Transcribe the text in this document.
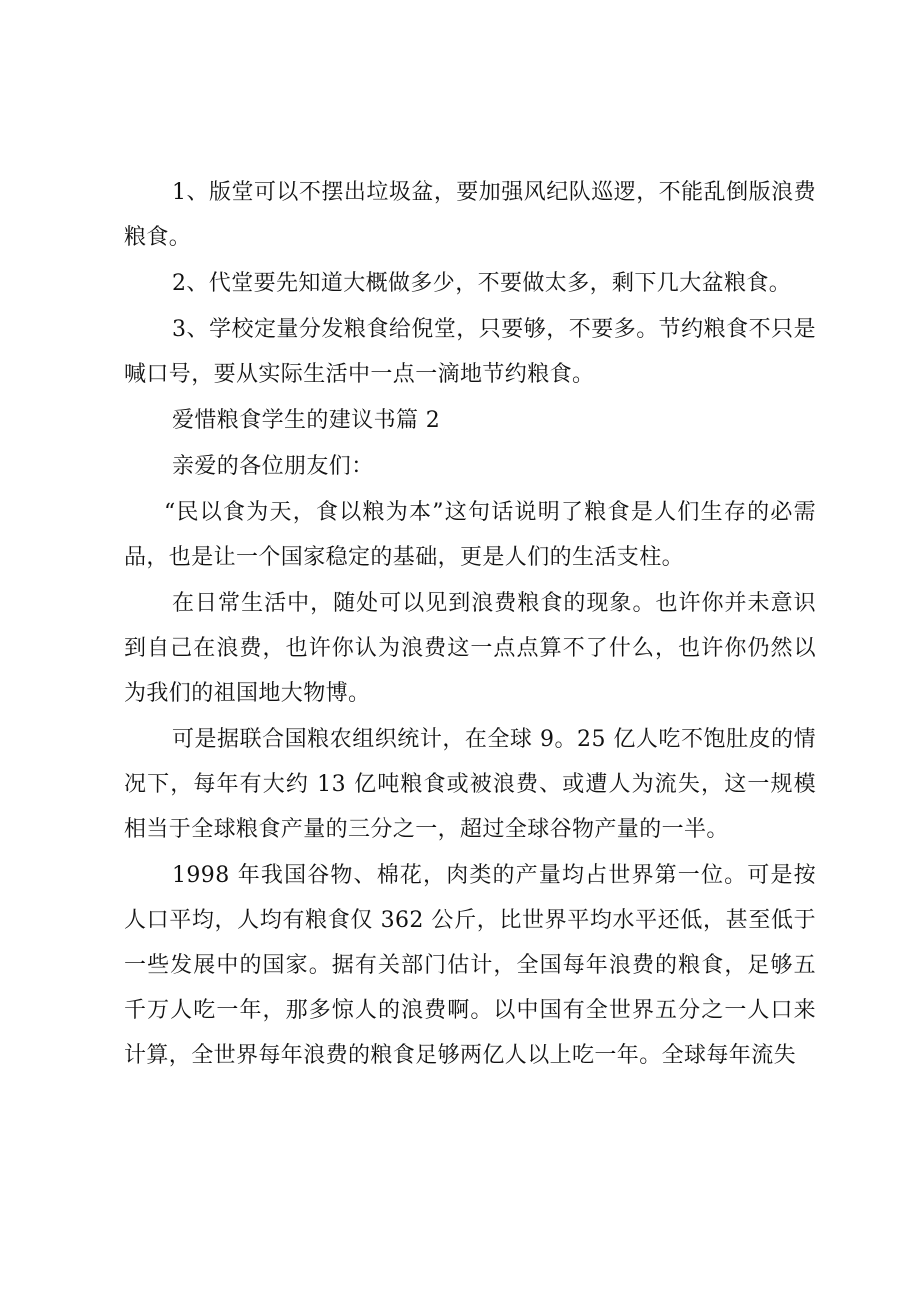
1、版堂可以不摆出垃圾盆，要加强风纪队巡逻，不能乱倒版浪费粮食。

2、代堂要先知道大概做多少，不要做太多，剩下几大盆粮食。

3、学校定量分发粮食给倪堂，只要够，不要多。节约粮食不只是喊口号，要从实际生活中一点一滴地节约粮食。

爱惜粮食学生的建议书篇 2

亲爱的各位朋友们：

“民以食为天，食以粮为本”这句话说明了粮食是人们生存的必需品，也是让一个国家稳定的基础，更是人们的生活支柱。

在日常生活中，随处可以见到浪费粮食的现象。也许你并未意识到自己在浪费，也许你认为浪费这一点点算不了什么，也许你仍然以为我们的祖国地大物博。

可是据联合国粮农组织统计，在全球 9。25 亿人吃不饱肚皮的情况下，每年有大约 13 亿吨粮食或被浪费、或遭人为流失，这一规模相当于全球粮食产量的三分之一，超过全球谷物产量的一半。

1998 年我国谷物、棉花，肉类的产量均占世界第一位。可是按人口平均，人均有粮食仅 362 公斤，比世界平均水平还低，甚至低于一些发展中的国家。据有关部门估计，全国每年浪费的粮食，足够五千万人吃一年，那多惊人的浪费啊。以中国有全世界五分之一人口来计算，全世界每年浪费的粮食足够两亿人以上吃一年。全球每年流失
